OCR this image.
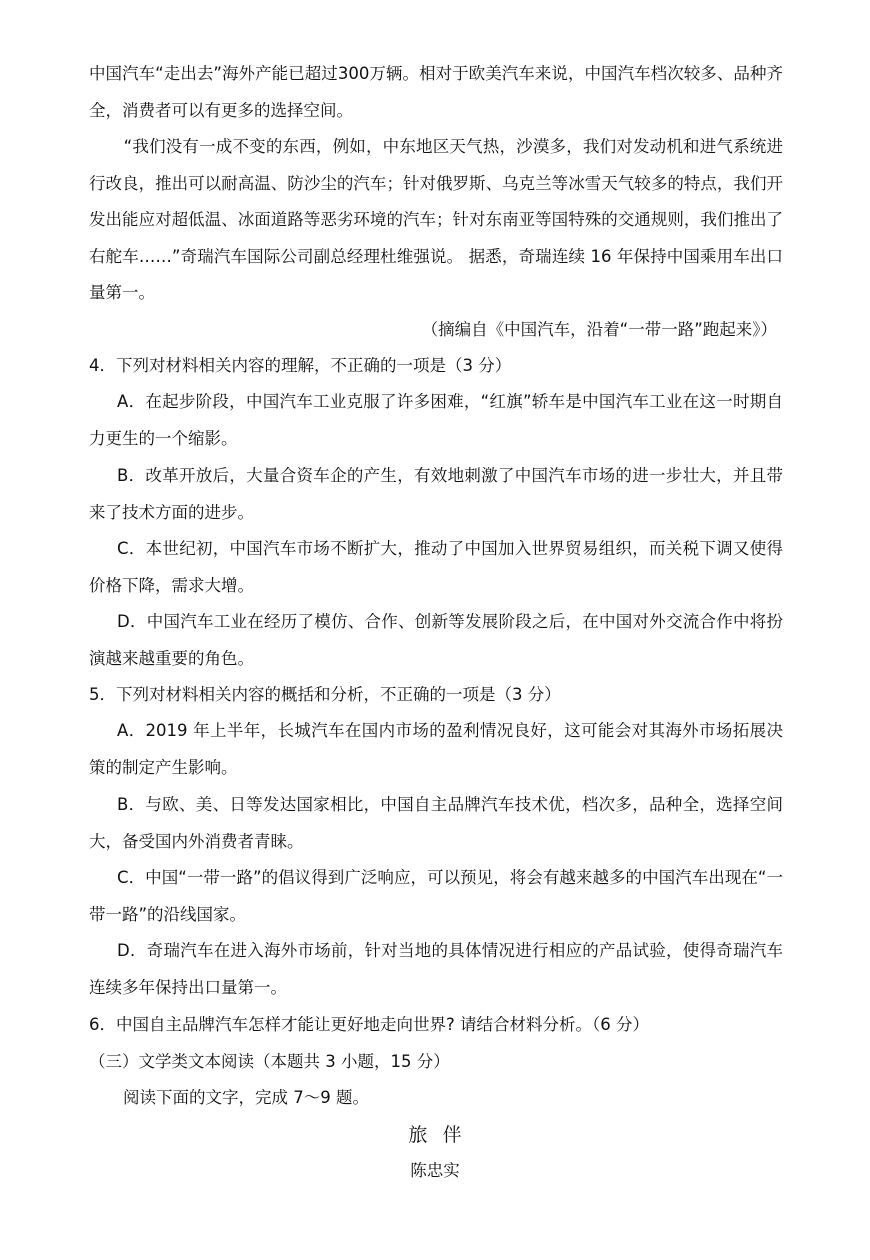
中国汽车“走出去”海外产能已超过300万辆。相对于欧美汽车来说，中国汽车档次较多、品种齐全，消费者可以有更多的选择空间。

“我们没有一成不变的东西，例如，中东地区天气热，沙漠多，我们对发动机和进气系统进行改良，推出可以耐高温、防沙尘的汽车；针对俄罗斯、乌克兰等冰雪天气较多的特点，我们开发出能应对超低温、冰面道路等恶劣环境的汽车；针对东南亚等国特殊的交通规则，我们推出了右舵车……”奇瑞汽车国际公司副总经理杜维强说。 据悉，奇瑞连续 16 年保持中国乘用车出口量第一。

（摘编自《中国汽车，沿着“一带一路”跑起来》）

4．下列对材料相关内容的理解，不正确的一项是（3 分）

A．在起步阶段，中国汽车工业克服了许多困难，“红旗”轿车是中国汽车工业在这一时期自力更生的一个缩影。

B．改革开放后，大量合资车企的产生，有效地刺激了中国汽车市场的进一步壮大，并且带来了技术方面的进步。

C．本世纪初，中国汽车市场不断扩大，推动了中国加入世界贸易组织，而关税下调又使得价格下降，需求大增。

D．中国汽车工业在经历了模仿、合作、创新等发展阶段之后，在中国对外交流合作中将扮演越来越重要的角色。

5．下列对材料相关内容的概括和分析，不正确的一项是（3 分）

A．2019 年上半年，长城汽车在国内市场的盈利情况良好，这可能会对其海外市场拓展决策的制定产生影响。

B．与欧、美、日等发达国家相比，中国自主品牌汽车技术优，档次多，品种全，选择空间大，备受国内外消费者青睐。

C．中国“一带一路”的倡议得到广泛响应，可以预见，将会有越来越多的中国汽车出现在“一带一路”的沿线国家。

D．奇瑞汽车在进入海外市场前，针对当地的具体情况进行相应的产品试验，使得奇瑞汽车连续多年保持出口量第一。

6．中国自主品牌汽车怎样才能让更好地走向世界? 请结合材料分析。（6 分）

（三）文学类文本阅读（本题共 3 小题，15 分）

阅读下面的文字，完成 7～9 题。

旅伴

陈忠实
